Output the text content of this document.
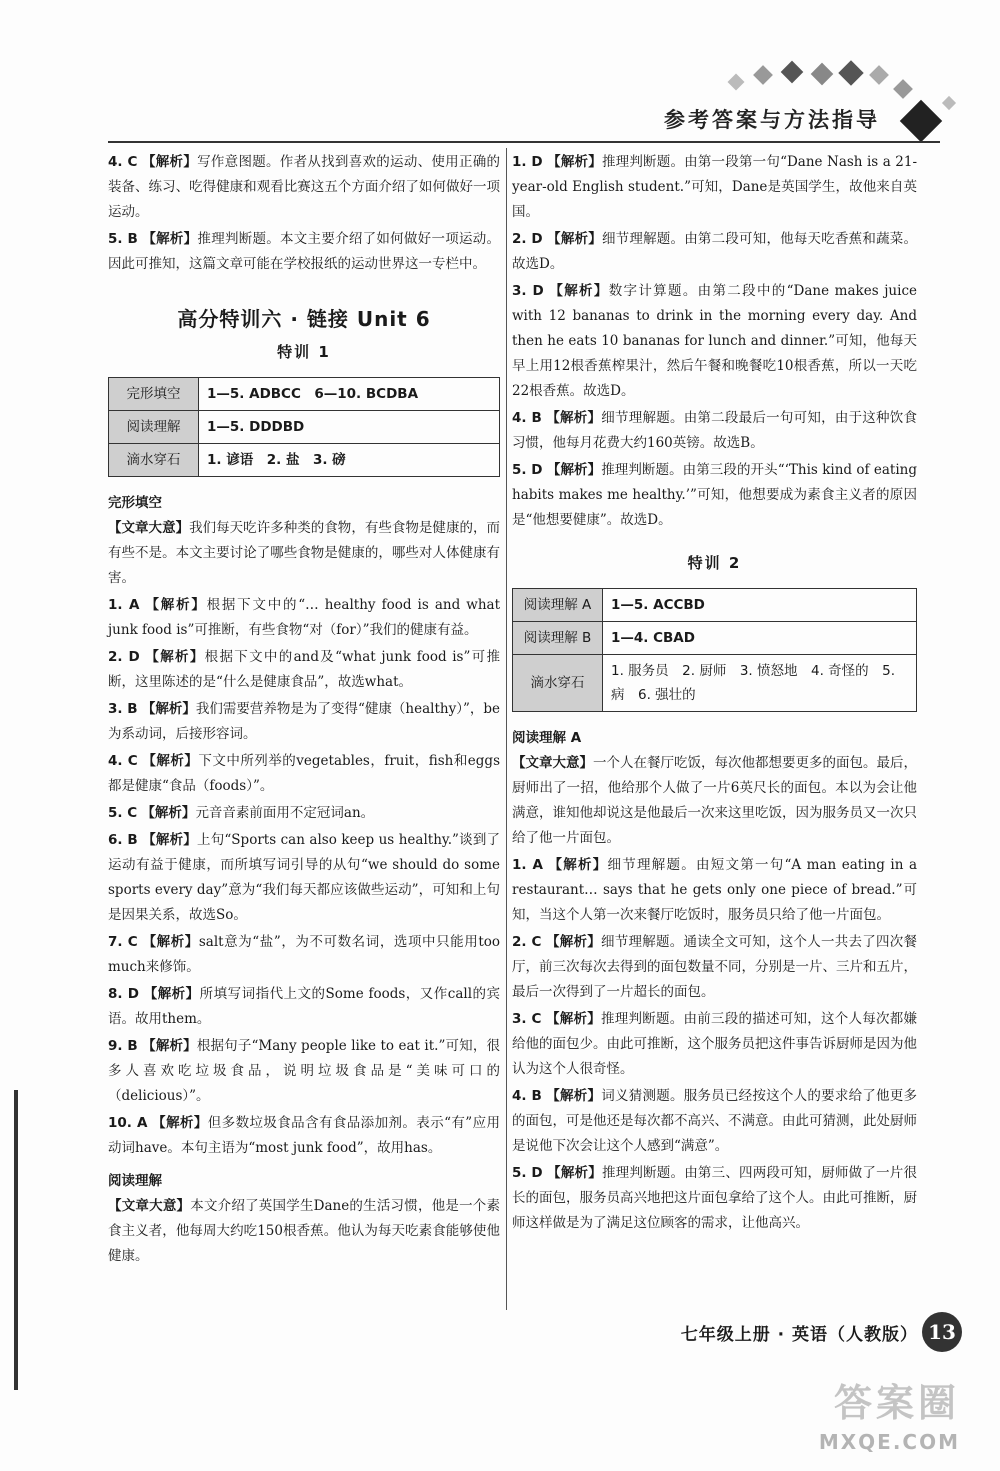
参考答案与方法指导
4. C 【解析】写作意图题。作者从找到喜欢的运动、使用正确的装备、练习、吃得健康和观看比赛这五个方面介绍了如何做好一项运动。
5. B 【解析】推理判断题。本文主要介绍了如何做好一项运动。因此可推知，这篇文章可能在学校报纸的运动世界这一专栏中。
高分特训六 · 链接 Unit 6
特训 1
完形填空	1—5. ADBCC　6—10. BCDBA
阅读理解	1—5. DDDBD
滴水穿石	1. 谚语　2. 盐　3. 磅
完形填空
【文章大意】我们每天吃许多种类的食物，有些食物是健康的，而有些不是。本文主要讨论了哪些食物是健康的，哪些对人体健康有害。
1. A 【解析】根据下文中的“… healthy food is and what junk food is”可推断，有些食物“对（for）”我们的健康有益。
2. D 【解析】根据下文中的and及“what junk food is”可推断，这里陈述的是“什么是健康食品”，故选what。
3. B 【解析】我们需要营养物是为了变得“健康（healthy）”，be为系动词，后接形容词。
4. C 【解析】下文中所列举的vegetables，fruit，fish和eggs都是健康“食品（foods）”。
5. C 【解析】元音音素前面用不定冠词an。
6. B 【解析】上句“Sports can also keep us healthy.”谈到了运动有益于健康，而所填写词引导的从句“we should do some sports every day”意为“我们每天都应该做些运动”，可知和上句是因果关系，故选So。
7. C 【解析】salt意为“盐”，为不可数名词，选项中只能用too much来修饰。
8. D 【解析】所填写词指代上文的Some foods，又作call的宾语。故用them。
9. B 【解析】根据句子“Many people like to eat it.”可知，很多人喜欢吃垃圾食品，说明垃圾食品是“美味可口的（delicious）”。
10. A 【解析】但多数垃圾食品含有食品添加剂。表示“有”应用动词have。本句主语为“most junk food”，故用has。
阅读理解
【文章大意】本文介绍了英国学生Dane的生活习惯，他是一个素食主义者，他每周大约吃150根香蕉。他认为每天吃素食能够使他健康。
1. D 【解析】推理判断题。由第一段第一句“Dane Nash is a 21-year-old English student.”可知，Dane是英国学生，故他来自英国。
2. D 【解析】细节理解题。由第二段可知，他每天吃香蕉和蔬菜。故选D。
3. D 【解析】数字计算题。由第二段中的“Dane makes juice with 12 bananas to drink in the morning every day. And then he eats 10 bananas for lunch and dinner.”可知，他每天早上用12根香蕉榨果汁，然后午餐和晚餐吃10根香蕉，所以一天吃22根香蕉。故选D。
4. B 【解析】细节理解题。由第二段最后一句可知，由于这种饮食习惯，他每月花费大约160英镑。故选B。
5. D 【解析】推理判断题。由第三段的开头“‘This kind of eating habits makes me healthy.’”可知，他想要成为素食主义者的原因是“他想要健康”。故选D。
特训 2
阅读理解 A	1—5. ACCBD
阅读理解 B	1—4. CBAD
滴水穿石	1. 服务员　2. 厨师　3. 愤怒地　4. 奇怪的　5. 病　6. 强壮的
阅读理解 A
【文章大意】一个人在餐厅吃饭，每次他都想要更多的面包。最后，厨师出了一招，他给那个人做了一片6英尺长的面包。本以为会让他满意，谁知他却说这是他最后一次来这里吃饭，因为服务员又一次只给了他一片面包。
1. A 【解析】细节理解题。由短文第一句“A man eating in a restaurant… says that he gets only one piece of bread.”可知，当这个人第一次来餐厅吃饭时，服务员只给了他一片面包。
2. C 【解析】细节理解题。通读全文可知，这个人一共去了四次餐厅，前三次每次去得到的面包数量不同，分别是一片、三片和五片，最后一次得到了一片超长的面包。
3. C 【解析】推理判断题。由前三段的描述可知，这个人每次都嫌给他的面包少。由此可推断，这个服务员把这件事告诉厨师是因为他认为这个人很奇怪。
4. B 【解析】词义猜测题。服务员已经按这个人的要求给了他更多的面包，可是他还是每次都不高兴、不满意。由此可猜测，此处厨师是说他下次会让这个人感到“满意”。
5. D 【解析】推理判断题。由第三、四两段可知，厨师做了一片很长的面包，服务员高兴地把这片面包拿给了这个人。由此可推断，厨师这样做是为了满足这位顾客的需求，让他高兴。
七年级上册 · 英语（人教版） 13
答案圈
MXQE.COM
